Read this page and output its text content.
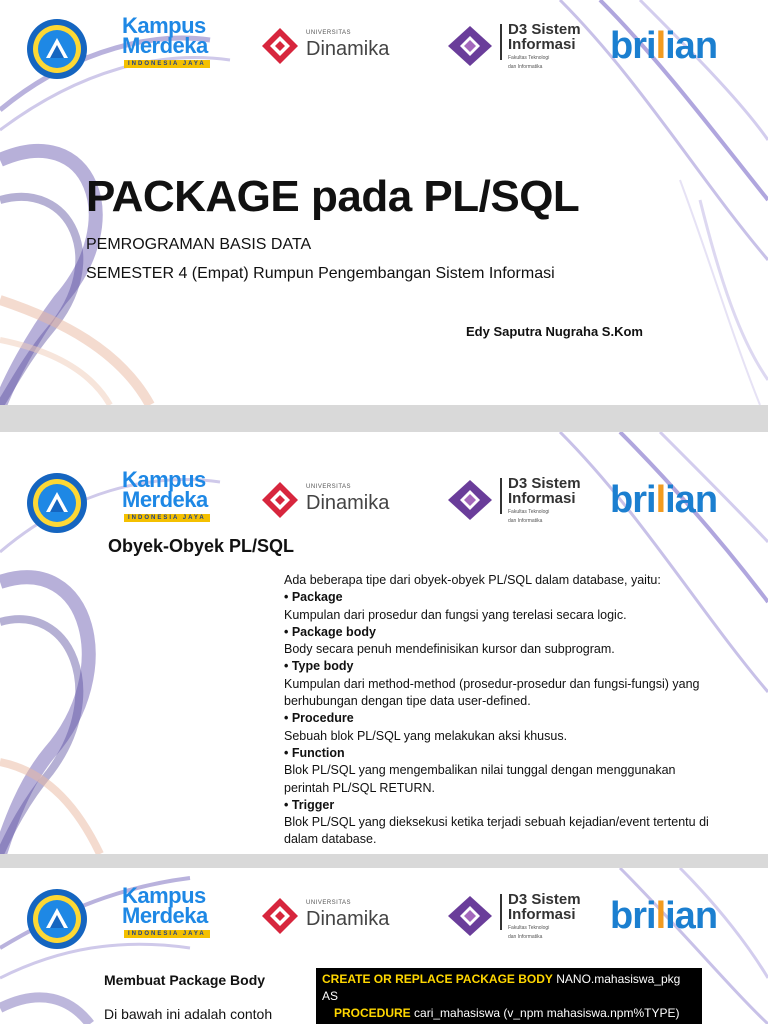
Kampus
Merdeka
INDONESIA JAYA
UNIVERSITAS
Dinamika
D3 Sistem
Informasi
Fakultas Teknologi
dan Informatika	brilian
PACKAGE pada PL/SQL
PEMROGRAMAN BASIS DATA
SEMESTER 4 (Empat) Rumpun Pengembangan Sistem Informasi
Edy Saputra Nugraha S.Kom
Kampus
Merdeka
INDONESIA JAYA
UNIVERSITAS
Dinamika
D3 Sistem
Informasi
Fakultas Teknologi
dan Informatika	brilian
Obyek-Obyek PL/SQL
Ada beberapa tipe dari obyek-obyek PL/SQL dalam database, yaitu:
• Package
Kumpulan dari prosedur dan fungsi yang terelasi secara logic.
• Package body
Body secara penuh mendefinisikan kursor dan subprogram.
• Type body
Kumpulan dari method-method (prosedur-prosedur dan fungsi-fungsi) yang berhubungan dengan tipe data user-defined.
• Procedure
Sebuah blok PL/SQL yang melakukan aksi khusus.
• Function
Blok PL/SQL yang mengembalikan nilai tunggal dengan menggunakan perintah PL/SQL RETURN.
• Trigger
Blok PL/SQL yang dieksekusi ketika terjadi sebuah kejadian/event tertentu di dalam database.
Kampus
Merdeka
INDONESIA JAYA
UNIVERSITAS
Dinamika
D3 Sistem
Informasi
Fakultas Teknologi
dan Informatika	brilian
Membuat Package Body
Di bawah ini adalah contoh
CREATE OR REPLACE PACKAGE BODY NANO.mahasiswa_pkg
AS
PROCEDURE cari_mahasiswa (v_npm mahasiswa.npm%TYPE)
